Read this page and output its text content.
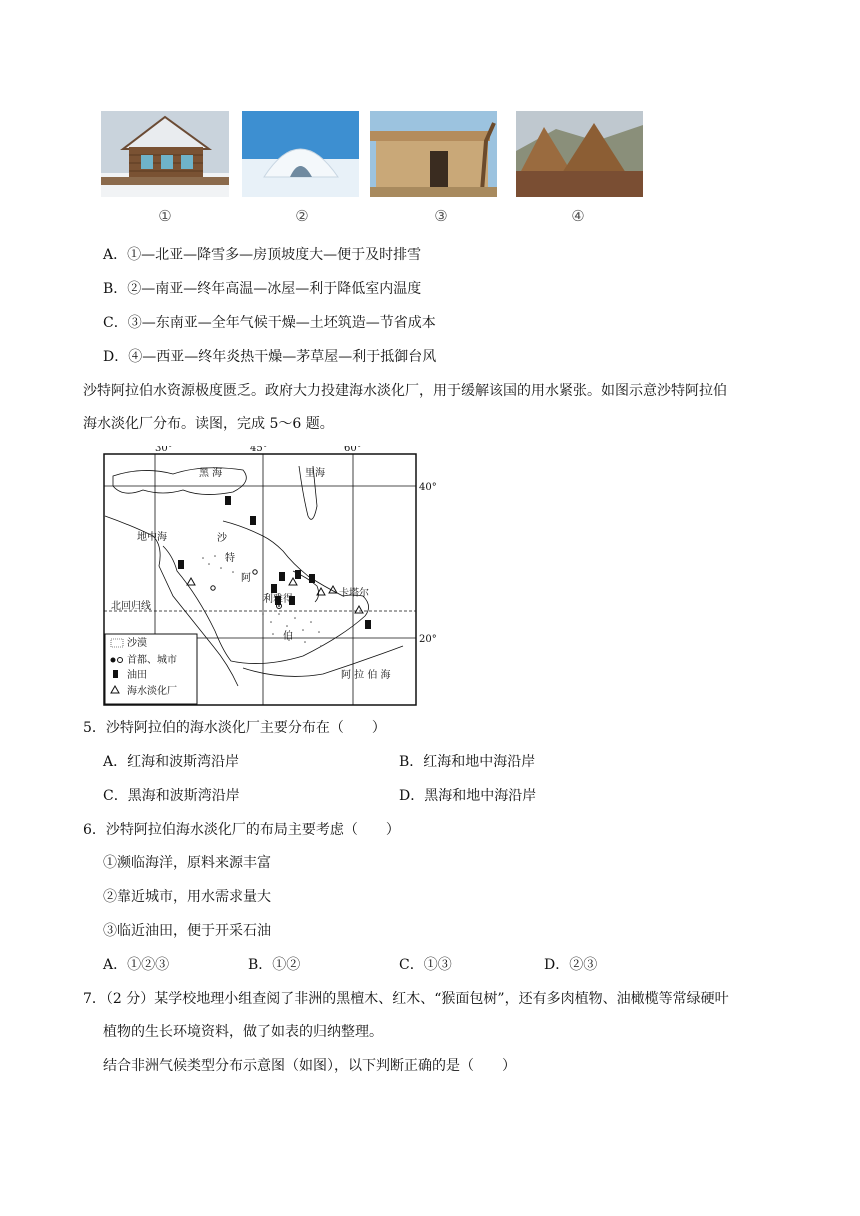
①	②	③	④
A．①—北亚—降雪多—房顶坡度大—便于及时排雪
B．②—南亚—终年高温—冰屋—利于降低室内温度
C．③—东南亚—全年气候干燥—土坯筑造—节省成本
D．④—西亚—终年炎热干燥—茅草屋—利于抵御台风
沙特阿拉伯水资源极度匮乏。政府大力投建海水淡化厂，用于缓解该国的用水紧张。如图示意沙特阿拉伯
海水淡化厂分布。读图，完成 5～6 题。
30°	45°	60°
40°
20°
黑 海	里海
地中海
北回归线
沙
特
阿
伯
利雅得
卡塔尔
阿 拉 伯 海
沙漠
首都、城市
油田
海水淡化厂
5．沙特阿拉伯的海水淡化厂主要分布在（　　）
A．红海和波斯湾沿岸	B．红海和地中海沿岸
C．黑海和波斯湾沿岸	D．黑海和地中海沿岸
6．沙特阿拉伯海水淡化厂的布局主要考虑（　　）
①濒临海洋，原料来源丰富
②靠近城市，用水需求量大
③临近油田，便于开采石油
A．①②③	B．①②	C．①③	D．②③
7．（2 分）某学校地理小组查阅了非洲的黑檀木、红木、“猴面包树”，还有多肉植物、油橄榄等常绿硬叶
植物的生长环境资料，做了如表的归纳整理。
结合非洲气候类型分布示意图（如图），以下判断正确的是（　　）
